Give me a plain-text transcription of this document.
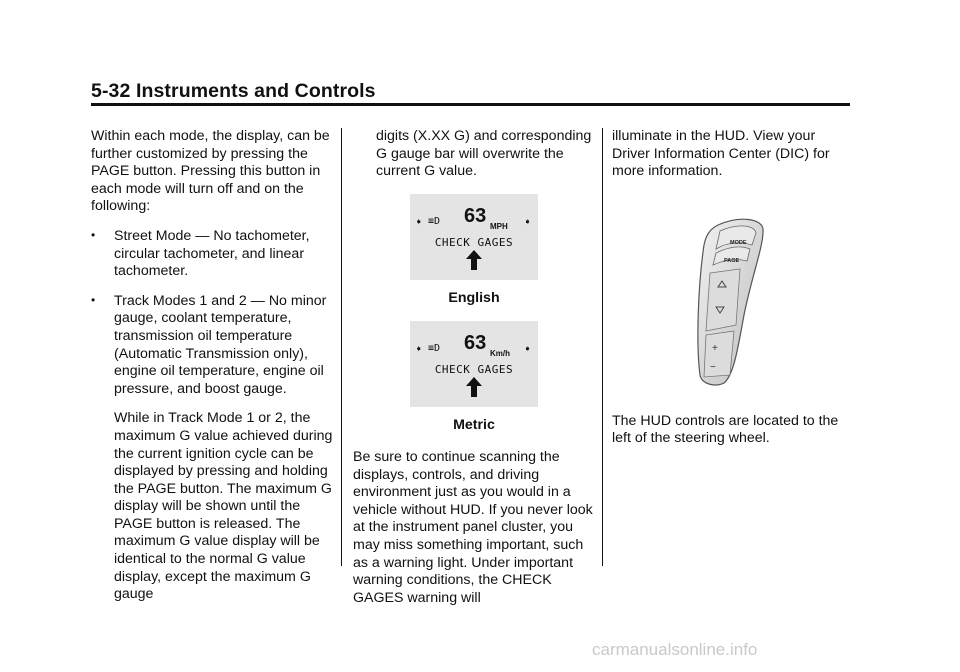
5-32 Instruments and Controls

Within each mode, the display, can be further customized by pressing the PAGE button. Pressing this button in each mode will turn off and on the following:

• Street Mode — No tachometer, circular tachometer, and linear tachometer.
• Track Modes 1 and 2 — No minor gauge, coolant temperature, transmission oil temperature (Automatic Transmission only), engine oil temperature, engine oil pressure, and boost gauge.

While in Track Mode 1 or 2, the maximum G value achieved during the current ignition cycle can be displayed by pressing and holding the PAGE button. The maximum G display will be shown until the PAGE button is released. The maximum G value display will be identical to the normal G value display, except the maximum G gauge

digits (X.XX G) and corresponding G gauge bar will overwrite the current G value.

➧ ≡D 63 MPH ➧
CHECK GAGES
English
➧ ≡D 63 Km/h ➧
CHECK GAGES
Metric

Be sure to continue scanning the displays, controls, and driving environment just as you would in a vehicle without HUD. If you never look at the instrument panel cluster, you may miss something important, such as a warning light. Under important warning conditions, the CHECK GAGES warning will

illuminate in the HUD. View your Driver Information Center (DIC) for more information.

MODE
PAGE
+
−

The HUD controls are located to the left of the steering wheel.

carmanualsonline.info
